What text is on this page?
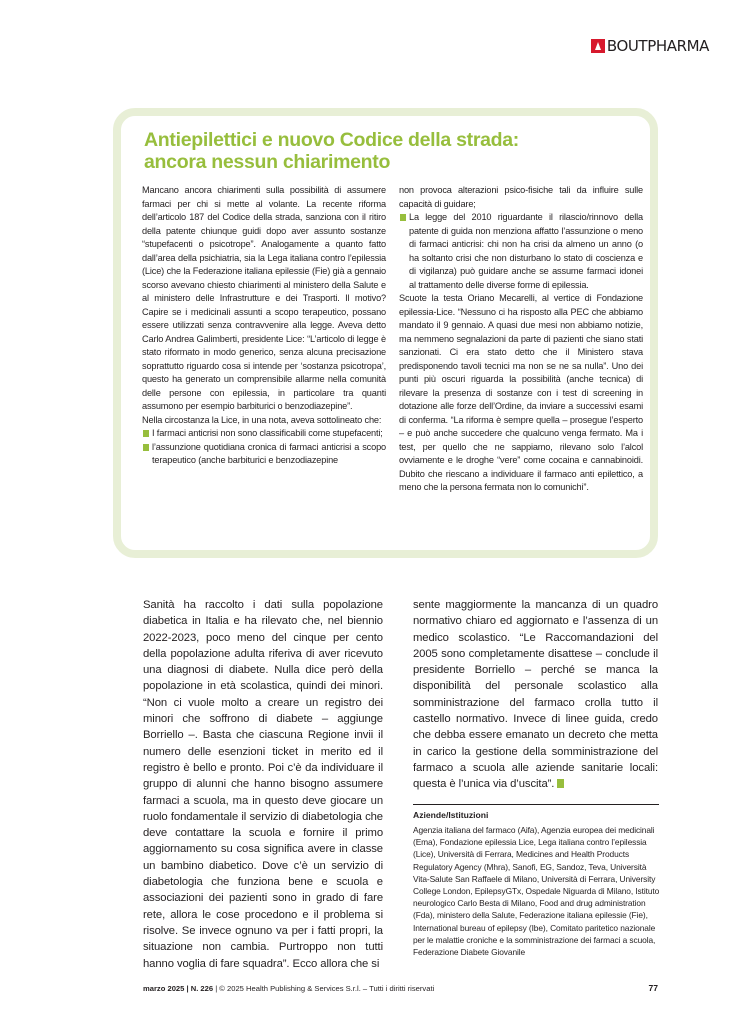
BOUTPHARMA
Antiepilettici e nuovo Codice della strada:
ancora nessun chiarimento

Mancano ancora chiarimenti sulla possibilità di assumere farmaci per chi si mette al volante. La recente riforma dell’articolo 187 del Codice della strada, sanziona con il ritiro della patente chiunque guidi dopo aver assunto sostanze “stupefacenti o psicotrope”. Analogamente a quanto fatto dall’area della psichiatria, sia la Lega italiana contro l’epilessia (Lice) che la Federazione italiana epilessie (Fie) già a gennaio scorso avevano chiesto chiarimenti al ministero della Salute e al ministero delle Infrastrutture e dei Trasporti. Il motivo? Capire se i medicinali assunti a scopo terapeutico, possano essere utilizzati senza contravvenire alla legge. Aveva detto Carlo Andrea Galimberti, presidente Lice: “L’articolo di legge è stato riformato in modo generico, senza alcuna precisazione soprattutto riguardo cosa si intende per ‘sostanza psicotropa’, questo ha generato un comprensibile allarme nella comunità delle persone con epilessia, in particolare tra quanti assumono per esempio barbiturici o benzodiazepine”.

Nella circostanza la Lice, in una nota, aveva sottolineato che:

I farmaci anticrisi non sono classificabili come stupefacenti;
l’assunzione quotidiana cronica di farmaci anticrisi a scopo terapeutico (anche barbiturici e benzodiazepine

non provoca alterazioni psico-fisiche tali da influire sulle capacità di guidare;

La legge del 2010 riguardante il rilascio/rinnovo della patente di guida non menziona affatto l’assunzione o meno di farmaci anticrisi: chi non ha crisi da almeno un anno (o ha soltanto crisi che non disturbano lo stato di coscienza e di vigilanza) può guidare anche se assume farmaci idonei al trattamento delle diverse forme di epilessia.

Scuote la testa Oriano Mecarelli, al vertice di Fondazione epilessia-Lice. “Nessuno ci ha risposto alla PEC che abbiamo mandato il 9 gennaio. A quasi due mesi non abbiamo notizie, ma nemmeno segnalazioni da parte di pazienti che siano stati sanzionati. Ci era stato detto che il Ministero stava predisponendo tavoli tecnici ma non se ne sa nulla”. Uno dei punti più oscuri riguarda la possibilità (anche tecnica) di rilevare la presenza di sostanze con i test di screening in dotazione alle forze dell’Ordine, da inviare a successivi esami di conferma. “La riforma è sempre quella – prosegue l’esperto – e può anche succedere che qualcuno venga fermato. Ma i test, per quello che ne sappiamo, rilevano solo l’alcol ovviamente e le droghe “vere” come cocaina e cannabinoidi. Dubito che riescano a individuare il farmaco anti epilettico, a meno che la persona fermata non lo comunichi”.

Sanità ha raccolto i dati sulla popolazione diabetica in Italia e ha rilevato che, nel biennio 2022-2023, poco meno del cinque per cento della popolazione adulta riferiva di aver ricevuto una diagnosi di diabete. Nulla dice però della popolazione in età scolastica, quindi dei minori. “Non ci vuole molto a creare un registro dei minori che soffrono di diabete – aggiunge Borriello –. Basta che ciascuna Regione invii il numero delle esenzioni ticket in merito ed il registro è bello e pronto. Poi c’è da individuare il gruppo di alunni che hanno bisogno assumere farmaci a scuola, ma in questo deve giocare un ruolo fondamentale il servizio di diabetologia che deve contattare la scuola e fornire il primo aggiornamento su cosa significa avere in classe un bambino diabetico. Dove c’è un servizio di diabetologia che funziona bene e scuola e associazioni dei pazienti sono in grado di fare rete, allora le cose procedono e il problema si risolve. Se invece ognuno va per i fatti propri, la situazione non cambia. Purtroppo non tutti hanno voglia di fare squadra”. Ecco allora che si

sente maggiormente la mancanza di un quadro normativo chiaro ed aggiornato e l’assenza di un medico scolastico. “Le Raccomandazioni del 2005 sono completamente disattese – conclude il presidente Borriello – perché se manca la disponibilità del personale scolastico alla somministrazione del farmaco crolla tutto il castello normativo. Invece di linee guida, credo che debba essere emanato un decreto che metta in carico la gestione della somministrazione del farmaco a scuola alle aziende sanitarie locali: questa è l’unica via d’uscita”.

Aziende/Istituzioni
Agenzia italiana del farmaco (Aifa), Agenzia europea dei medicinali (Ema), Fondazione epilessia Lice, Lega italiana contro l’epilessia (Lice), Università di Ferrara, Medicines and Health Products Regulatory Agency (Mhra), Sanofi, EG, Sandoz, Teva, Università Vita-Salute San Raffaele di Milano, Università di Ferrara, University College London, EpilepsyGTx, Ospedale Niguarda di Milano, Istituto neurologico Carlo Besta di Milano, Food and drug administration (Fda), ministero della Salute, Federazione italiana epilessie (Fie), International bureau of epilepsy (Ibe), Comitato paritetico nazionale per le malattie croniche e la somministrazione dei farmaci a scuola, Federazione Diabete Giovanile
marzo 2025 | N. 226 | © 2025 Health Publishing & Services S.r.l. – Tutti i diritti riservati	77
